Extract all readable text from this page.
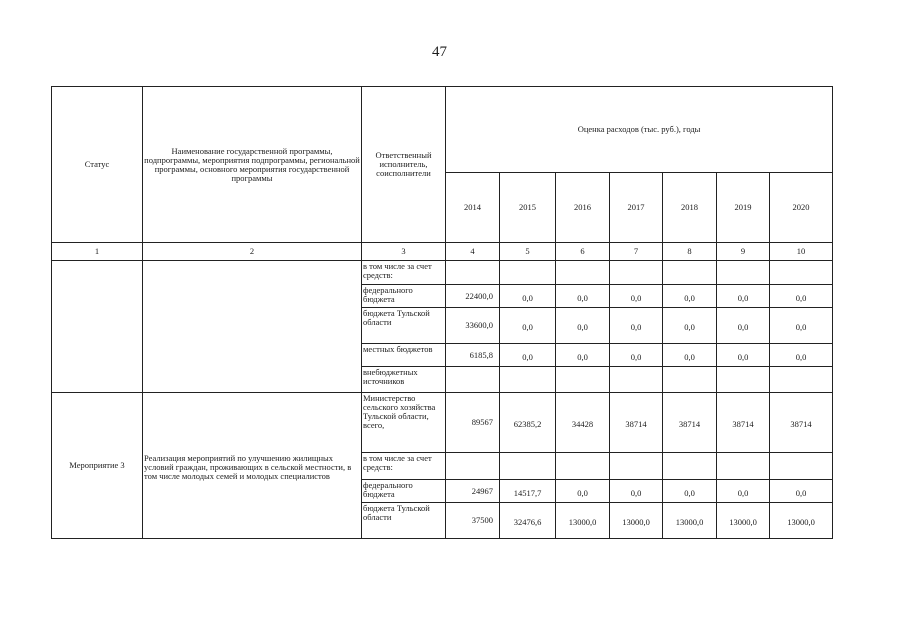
47
Статус	Наименование государственной программы, подпрограммы, мероприятия подпрограммы, региональной программы, основного мероприятия государственной программы	Ответственный исполнитель, соисполнители	Оценка расходов (тыс. руб.), годы						
			2014	2015	2016	2017	2018	2019	2020
1	2	3	4	5	6	7	8	9	10
		в том числе за счет средств:							
		федерального бюджета	22400,0	0,0	0,0	0,0	0,0	0,0	0,0
		бюджета Тульской области	33600,0	0,0	0,0	0,0	0,0	0,0	0,0
		местных бюджетов	6185,8	0,0	0,0	0,0	0,0	0,0	0,0
		внебюджетных источников							
Мероприятие 3	Реализация мероприятий по улучшению жилищных условий граждан, проживающих в сельской местности, в том числе молодых семей и молодых специалистов	Министерство сельского хозяйства Тульской области, всего,	89567	62385,2	34428	38714	38714	38714	38714
		в том числе за счет средств:							
		федерального бюджета	24967	14517,7	0,0	0,0	0,0	0,0	0,0
		бюджета Тульской области	37500	32476,6	13000,0	13000,0	13000,0	13000,0	13000,0
